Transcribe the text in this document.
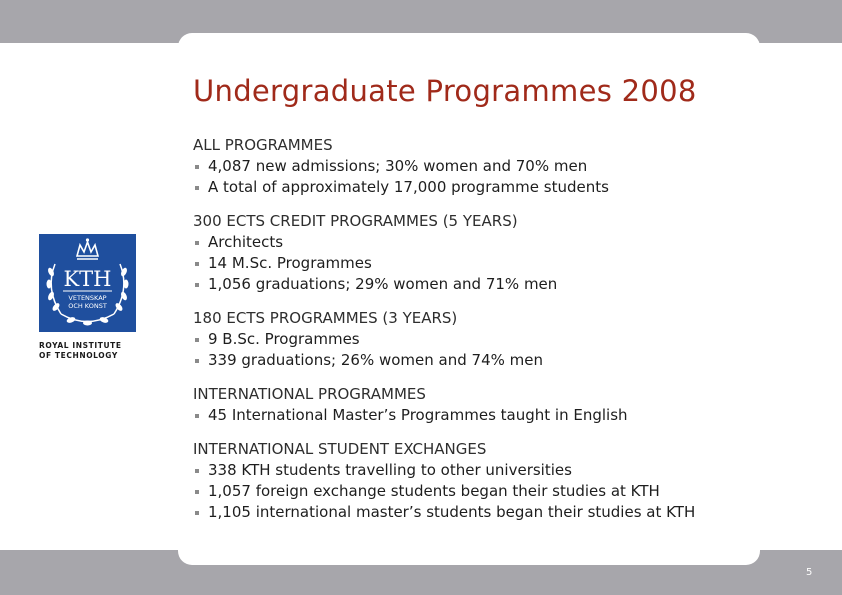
Undergraduate Programmes 2008
KTH
VETENSKAP
OCH KONST
ROYAL INSTITUTE
OF TECHNOLOGY
ALL PROGRAMMES
4,087 new admissions; 30% women and 70% men
A total of approximately 17,000 programme students
300 ECTS CREDIT PROGRAMMES (5 YEARS)
Architects
14 M.Sc. Programmes
1,056 graduations; 29% women and 71% men
180 ECTS PROGRAMMES (3 YEARS)
9 B.Sc. Programmes
339 graduations; 26% women and 74% men
INTERNATIONAL PROGRAMMES
45 International Master’s Programmes taught in English
INTERNATIONAL STUDENT EXCHANGES
338 KTH students travelling to other universities
1,057 foreign exchange students began their studies at KTH
1,105 international master’s students began their studies at KTH
5
